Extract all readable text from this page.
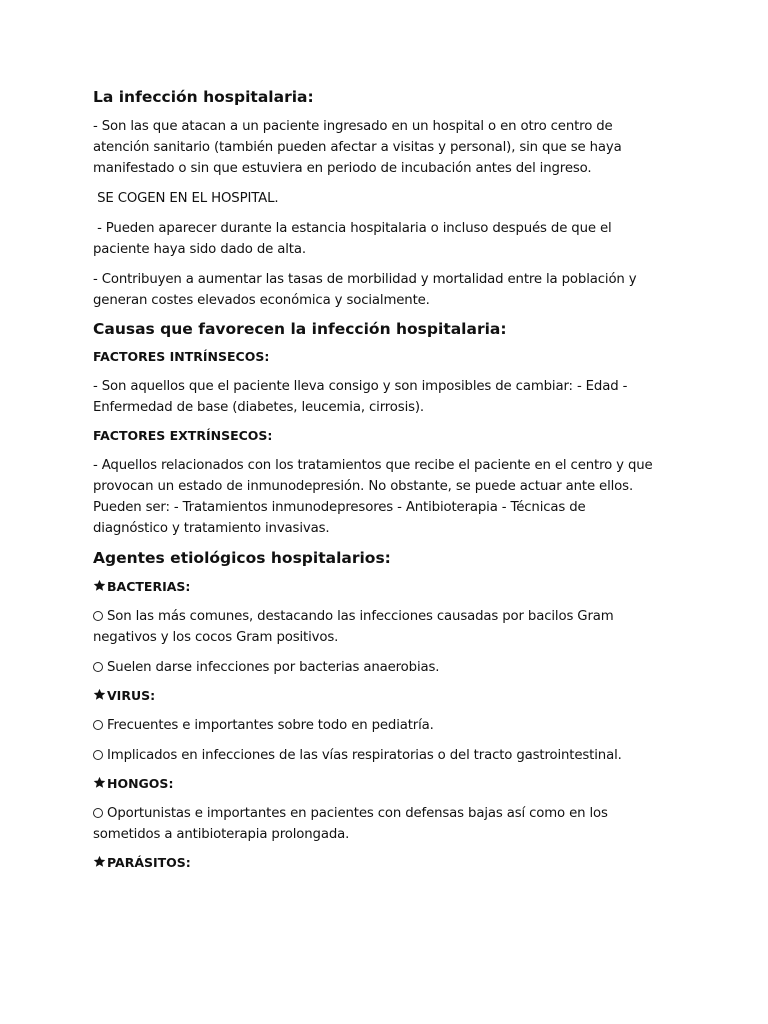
La infección hospitalaria:
- Son las que atacan a un paciente ingresado en un hospital o en otro centro de
atención sanitario (también pueden afectar a visitas y personal), sin que se haya
manifestado o sin que estuviera en periodo de incubación antes del ingreso.
SE COGEN EN EL HOSPITAL.
- Pueden aparecer durante la estancia hospitalaria o incluso después de que el
paciente haya sido dado de alta.
- Contribuyen a aumentar las tasas de morbilidad y mortalidad entre la población y
generan costes elevados económica y socialmente.
Causas que favorecen la infección hospitalaria:
FACTORES INTRÍNSECOS:
- Son aquellos que el paciente lleva consigo y son imposibles de cambiar: - Edad -
Enfermedad de base (diabetes, leucemia, cirrosis).
FACTORES EXTRÍNSECOS:
- Aquellos relacionados con los tratamientos que recibe el paciente en el centro y que
provocan un estado de inmunodepresión. No obstante, se puede actuar ante ellos.
Pueden ser: - Tratamientos inmunodepresores - Antibioterapia - Técnicas de
diagnóstico y tratamiento invasivas.
Agentes etiológicos hospitalarios:
BACTERIAS:
Son las más comunes, destacando las infecciones causadas por bacilos Gram
negativos y los cocos Gram positivos.
Suelen darse infecciones por bacterias anaerobias.
VIRUS:
Frecuentes e importantes sobre todo en pediatría.
Implicados en infecciones de las vías respiratorias o del tracto gastrointestinal.
HONGOS:
Oportunistas e importantes en pacientes con defensas bajas así como en los
sometidos a antibioterapia prolongada.
PARÁSITOS:
